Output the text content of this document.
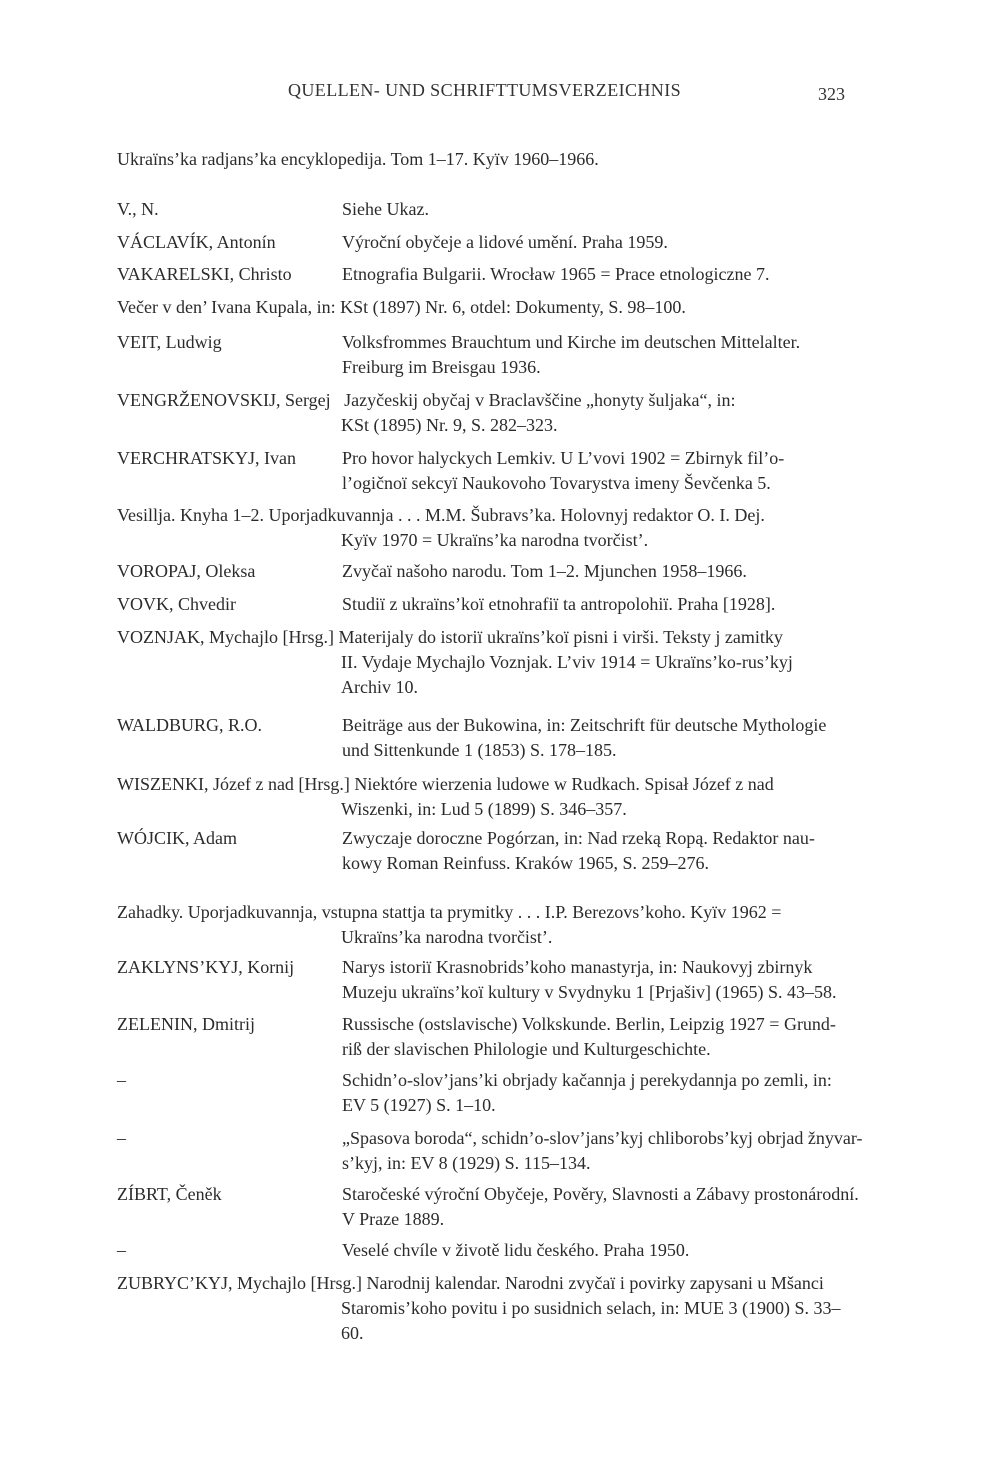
QUELLEN- UND SCHRIFTTUMSVERZEICHNIS	323
Ukraïns’ka radjans’ka encyklopedija. Tom 1–17. Kyïv 1960–1966.
V., N.	Siehe Ukaz.
VÁCLAVÍK, Antonín	Výroční obyčeje a lidové umění. Praha 1959.
VAKARELSKI, Christo	Etnografia Bulgarii. Wrocław 1965 = Prace etnologiczne 7.
Večer v den’ Ivana Kupala, in: KSt (1897) Nr. 6, otdel: Dokumenty, S. 98–100.
VEIT, Ludwig	Volksfrommes Brauchtum und Kirche im deutschen Mittelalter.
Freiburg im Breisgau 1936.
VENGRŽENOVSKIJ, Sergej   Jazyčeskij obyčaj v Braclavščine „honyty šuljaka“, in:
KSt (1895) Nr. 9, S. 282–323.
VERCHRATSKYJ, Ivan	Pro hovor halyckych Lemkiv. U L’vovi 1902 = Zbirnyk fil’o-
l’ogičnoï sekcyï Naukovoho Tovarystva imeny Ševčenka 5.
Vesillja. Knyha 1–2. Uporjadkuvannja . . . M.M. Šubravs’ka. Holovnyj redaktor O. I. Dej.
Kyïv 1970 = Ukraïns’ka narodna tvorčist’.
VOROPAJ, Oleksa	Zvyčaï našoho narodu. Tom 1–2. Mjunchen 1958–1966.
VOVK, Chvedir	Studiï z ukraïns’koï etnohrafiï ta antropolohiï. Praha [1928].
VOZNJAK, Mychajlo [Hrsg.] Materijaly do istoriï ukraïns’koï pisni i virši. Teksty j zamitky
II. Vydaje Mychajlo Voznjak. L’viv 1914 = Ukraïns’ko-rus’kyj
Archiv 10.
WALDBURG, R.O.	Beiträge aus der Bukowina, in: Zeitschrift für deutsche Mythologie
und Sittenkunde 1 (1853) S. 178–185.
WISZENKI, Józef z nad [Hrsg.] Niektóre wierzenia ludowe w Rudkach. Spisał Józef z nad
Wiszenki, in: Lud 5 (1899) S. 346–357.
WÓJCIK, Adam	Zwyczaje doroczne Pogórzan, in: Nad rzeką Ropą. Redaktor nau-
kowy Roman Reinfuss. Kraków 1965, S. 259–276.
Zahadky. Uporjadkuvannja, vstupna stattja ta prymitky . . . I.P. Berezovs’koho. Kyïv 1962 =
Ukraïns’ka narodna tvorčist’.
ZAKLYNS’KYJ, Kornij	Narys istoriï Krasnobrids’koho manastyrja, in: Naukovyj zbirnyk
Muzeju ukraïns’koï kultury v Svydnyku 1 [Prjašiv] (1965) S. 43–58.
ZELENIN, Dmitrij	Russische (ostslavische) Volkskunde. Berlin, Leipzig 1927 = Grund-
riß der slavischen Philologie und Kulturgeschichte.
–	Schidn’o-slov’jans’ki obrjady kačannja j perekydannja po zemli, in:
EV 5 (1927) S. 1–10.
–	„Spasova boroda“, schidn’o-slov’jans’kyj chliborobs’kyj obrjad žnyvar-
s’kyj, in: EV 8 (1929) S. 115–134.
ZÍBRT, Čeněk	Staročeské výroční Obyčeje, Pověry, Slavnosti a Zábavy prostonárodní.
V Praze 1889.
–	Veselé chvíle v životě lidu českého. Praha 1950.
ZUBRYC’KYJ, Mychajlo [Hrsg.] Narodnij kalendar. Narodni zvyčaï i povirky zapysani u Mšanci
Staromis’koho povitu i po susidnich selach, in: MUE 3 (1900) S. 33–
60.
